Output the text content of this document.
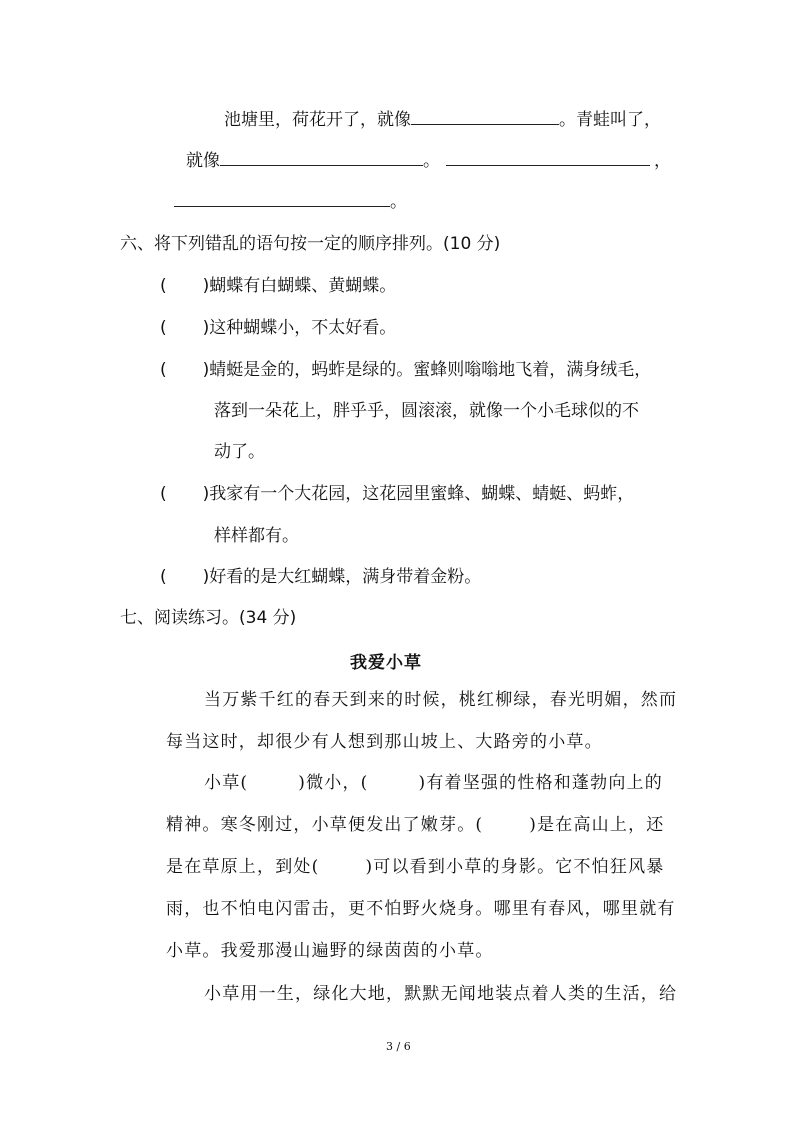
池塘里，荷花开了，就像	。青蛙叫了，
就像	。	，
。
六、将下列错乱的语句按一定的顺序排列。(10 分)
( )蝴蝶有白蝴蝶、黄蝴蝶。
( )这种蝴蝶小，不太好看。
( )蜻蜓是金的，蚂蚱是绿的。蜜蜂则嗡嗡地飞着，满身绒毛，
落到一朵花上，胖乎乎，圆滚滚，就像一个小毛球似的不
动了。
( )我家有一个大花园，这花园里蜜蜂、蝴蝶、蜻蜓、蚂蚱，
样样都有。
( )好看的是大红蝴蝶，满身带着金粉。
七、阅读练习。(34 分)
我爱小草
当万紫千红的春天到来的时候，桃红柳绿，春光明媚，然而
每当这时，却很少有人想到那山坡上、大路旁的小草。
小草(	)微小，(	)有着坚强的性格和蓬勃向上的
精神。寒冬刚过，小草便发出了嫩芽。(	)是在高山上，还
是在草原上，到处(	)可以看到小草的身影。它不怕狂风暴
雨，也不怕电闪雷击，更不怕野火烧身。哪里有春风，哪里就有
小草。我爱那漫山遍野的绿茵茵的小草。
小草用一生，绿化大地，默默无闻地装点着人类的生活，给
3 / 6
